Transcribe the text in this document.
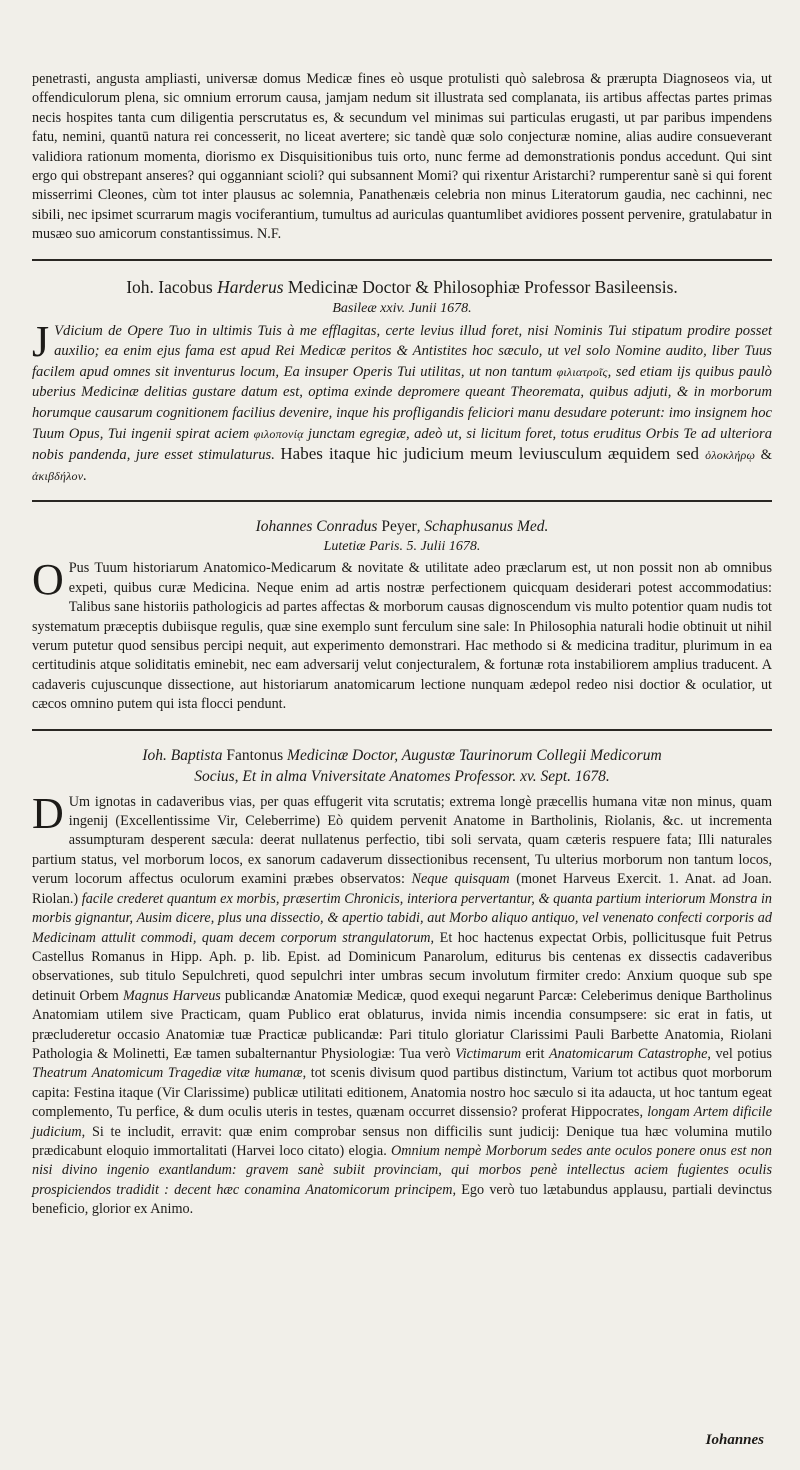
penetrasti, angusta ampliasti, universæ domus Medicæ fines eò usque protulisti quò salebrosa & prærupta Diagnoseos via, ut offendiculorum plena, sic omnium errorum causa, jamjam nedum sit illustrata sed complanata, iis artibus affectas partes primas necis hospites tanta cum diligentia perscrutatus es, & secundum vel minimas sui particulas erugasti, ut par paribus impendens fatu, nemini, quantū natura rei concesserit, no liceat avertere; sic tandè quæ solo conjecturæ nomine, alias audire consueverant validiora rationum momenta, diorismo ex Disquisitionibus tuis orto, nunc ferme ad demonstrationis pondus accedunt. Qui sint ergo qui obstrepant anseres? qui ogganniant scioli? qui subsannent Momi? qui rixentur Aristarchi? rumperentur sanè si qui forent misserrimi Cleones, cùm tot inter plausus ac solemnia, Panathenæis celebria non minus Literatorum gaudia, nec cachinni, nec sibili, nec ipsimet scurrarum magis vociferantium, tumultus ad auriculas quantumlibet avidiores possent pervenire, gratulabatur in musæo suo amicorum constantissimus. N.F.

Ioh. Iacobus Harderus Medicinæ Doctor & Philosophiæ Professor Basileensis.

Basileæ xxiv. Junii 1678.

J Vdicium de Opere Tuo in ultimis Tuis à me efflagitas, certe levius illud foret, nisi Nominis Tui stipatum prodire posset auxilio; ea enim ejus fama est apud Rei Medicæ peritos & Antistites hoc sæculo, ut vel solo Nomine audito, liber Tuus facilem apud omnes sit inventurus locum, Ea insuper Operis Tui utilitas, ut non tantum φιλιατροῖς, sed etiam ijs quibus paulò uberius Medicinæ delitias gustare datum est, optima exinde depromere queant Theoremata, quibus adjuti, & in morborum horumque causarum cognitionem facilius devenire, inque his profligandis feliciori manu desudare poterunt: imo insignem hoc Tuum Opus, Tui ingenii spirat aciem φιλοπονίᾳ junctam egregiæ, adeò ut, si licitum foret, totus eruditus Orbis Te ad ulteriora nobis pandenda, jure esset stimulaturus. Habes itaque hic judicium meum leviusculum æquidem sed ὁλοκλήρῳ & ἀκιβδήλον.

Iohannes Conradus Peyer, Schaphusanus Med.

Lutetiæ Paris. 5. Julii 1678.

O Pus Tuum historiarum Anatomico-Medicarum & novitate & utilitate adeo præclarum est, ut non possit non ab omnibus expeti, quibus curæ Medicina. Neque enim ad artis nostræ perfectionem quicquam desiderari potest accommodatius: Talibus sane historiis pathologicis ad partes affectas & morborum causas dignoscendum vis multo potentior quam nudis tot systematum præceptis dubiisque regulis, quæ sine exemplo sunt ferculum sine sale: In Philosophia naturali hodie obtinuit ut nihil verum putetur quod sensibus percipi nequit, aut experimento demonstrari. Hac methodo si & medicina traditur, plurimum in ea certitudinis atque soliditatis eminebit, nec eam adversarij velut conjecturalem, & fortunæ rota instabiliorem amplius traducent. A cadaveris cujuscunque dissectione, aut historiarum anatomicarum lectione nunquam ædepol redeo nisi doctior & oculatior, ut cæcos omnino putem qui ista flocci pendunt.

Ioh. Baptista Fantonus Medicinæ Doctor, Augustæ Taurinorum Collegii Medicorum

Socius, Et in alma Vniversitate Anatomes Professor. xv. Sept. 1678.

D Um ignotas in cadaveribus vias, per quas effugerit vita scrutatis; extrema longè præcellis humana vitæ non minus, quam ingenij (Excellentissime Vir, Celeberrime) Eò quidem pervenit Anatome in Bartholinis, Riolanis, &c. ut incrementa assumpturam desperent sæcula: deerat nullatenus perfectio, tibi soli servata, quam cæteris respuere fata; Illi naturales partium status, vel morborum locos, ex sanorum cadaverum dissectionibus recensent, Tu ulterius morborum non tantum locos, verum locorum affectus oculorum examini præbes observatos: Neque quisquam (monet Harveus Exercit. 1. Anat. ad Joan. Riolan.) facile crederet quantum ex morbis, præsertim Chronicis, interiora pervertantur, & quanta partium interiorum Monstra in morbis gignantur, Ausim dicere, plus una dissectio, & apertio tabidi, aut Morbo aliquo antiquo, vel venenato confecti corporis ad Medicinam attulit commodi, quam decem corporum strangulatorum, Et hoc hactenus expectat Orbis, pollicitusque fuit Petrus Castellus Romanus in Hipp. Aph. p. lib. Epist. ad Dominicum Panarolum, editurus bis centenas ex dissectis cadaveribus observationes, sub titulo Sepulchreti, quod sepulchri inter umbras secum involutum firmiter credo: Anxium quoque sub spe detinuit Orbem Magnus Harveus publicandæ Anatomiæ Medicæ, quod exequi negarunt Parcæ: Celeberimus denique Bartholinus Anatomiam utilem sive Practicam, quam Publico erat oblaturus, invida nimis incendia consumpsere: sic erat in fatis, ut præcluderetur occasio Anatomiæ tuæ Practicæ publicandæ: Pari titulo gloriatur Clarissimi Pauli Barbette Anatomia, Riolani Pathologia & Molinetti, Eæ tamen subalternantur Physiologiæ: Tua verò Victimarum erit Anatomicarum Catastrophe, vel potius Theatrum Anatomicum Tragediæ vitæ humanæ, tot scenis divisum quod partibus distinctum, Varium tot actibus quot morborum capita: Festina itaque (Vir Clarissime) publicæ utilitati editionem, Anatomia nostro hoc sæculo si ita adaucta, ut hoc tantum egeat complemento, Tu perfice, & dum oculis uteris in testes, quænam occurret dissensio? proferat Hippocrates, longam Artem dificile judicium, Si te includit, erravit: quæ enim comprobar sensus non difficilis sunt judicij: Denique tua hæc volumina mutilo prædicabunt eloquio immortalitati (Harvei loco citato) elogia. Omnium nempè Morborum sedes ante oculos ponere onus est non nisi divino ingenio exantlandum: gravem sanè subiit provinciam, qui morbos penè intellectus aciem fugientes oculis prospiciendos tradidit : decent hæc conamina Anatomicorum principem, Ego verò tuo lætabundus applausu, partiali devinctus beneficio, glorior ex Animo.

Iohannes
